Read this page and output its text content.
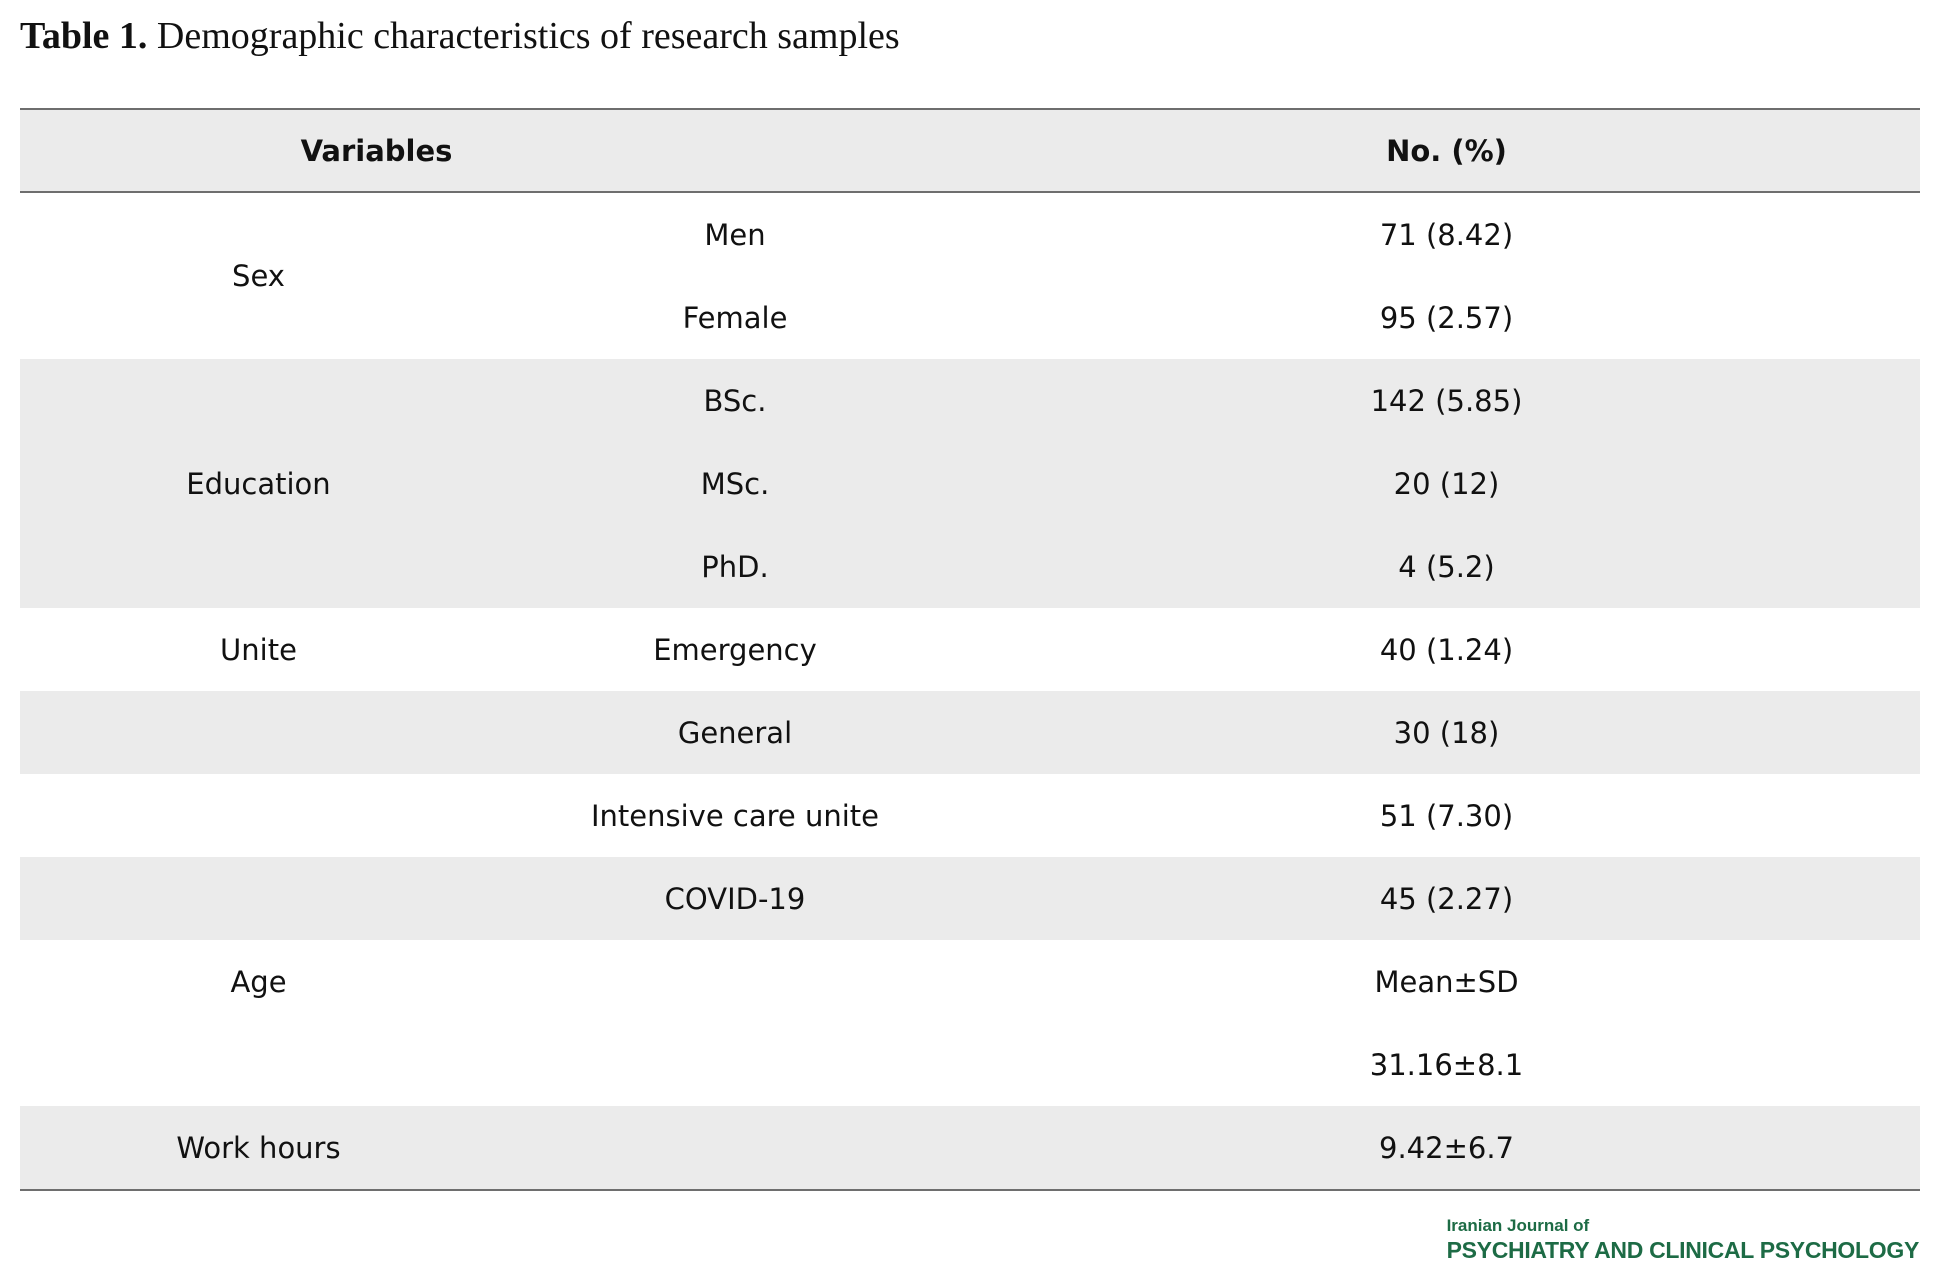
Table 1. Demographic characteristics of research samples
Variables		No. (%)
Sex	Men	71 (8.42)
	Female	95 (2.57)
Education	BSc.	142 (5.85)
	MSc.	20 (12)
	PhD.	4 (5.2)
Unite	Emergency	40 (1.24)
	General	30 (18)
	Intensive care unite	51 (7.30)
	COVID-19	45 (2.27)
Age		Mean±SD
		31.16±8.1
Work hours		9.42±6.7
Iranian Journal of
PSYCHIATRY AND CLINICAL PSYCHOLOGY
